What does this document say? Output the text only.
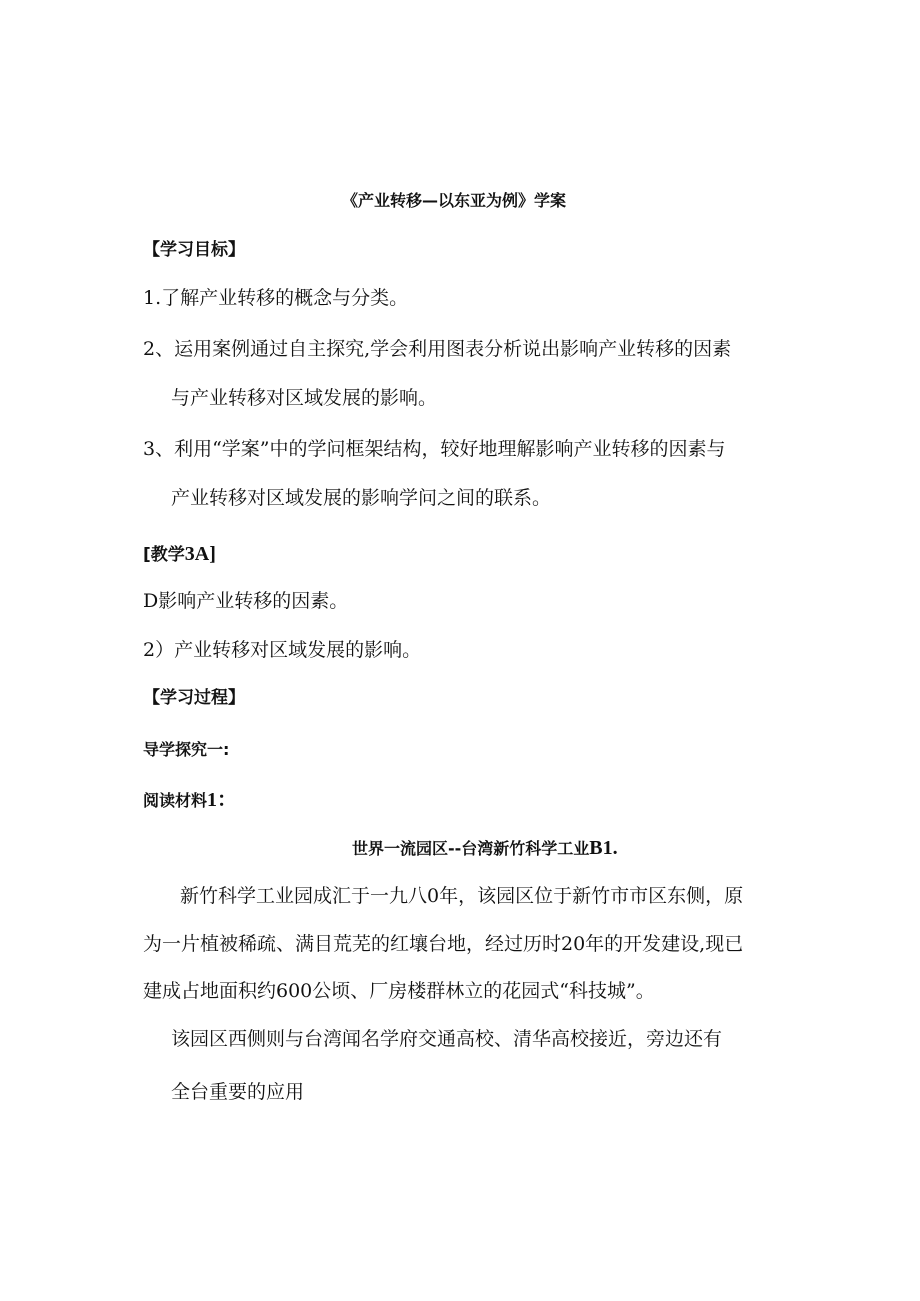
《产业转移—以东亚为例》学案
【学习目标】
1.了解产业转移的概念与分类。
2、运用案例通过自主探究,学会利用图表分析说出影响产业转移的因素
与产业转移对区域发展的影响。
3、利用“学案”中的学问框架结构，较好地理解影响产业转移的因素与
产业转移对区域发展的影响学问之间的联系。
[教学3A]
D影响产业转移的因素。
2）产业转移对区域发展的影响。
【学习过程】
导学探究一:
阅读材料1：
世界一流园区--台湾新竹科学工业B1.
新竹科学工业园成汇于一九八0年，该园区位于新竹市市区东侧，原
为一片植被稀疏、满目荒芜的红壤台地，经过历时20年的开发建设,现已
建成占地面积约600公顷、厂房楼群林立的花园式“科技城”。
该园区西侧则与台湾闻名学府交通高校、清华高校接近，旁边还有
全台重要的应用
